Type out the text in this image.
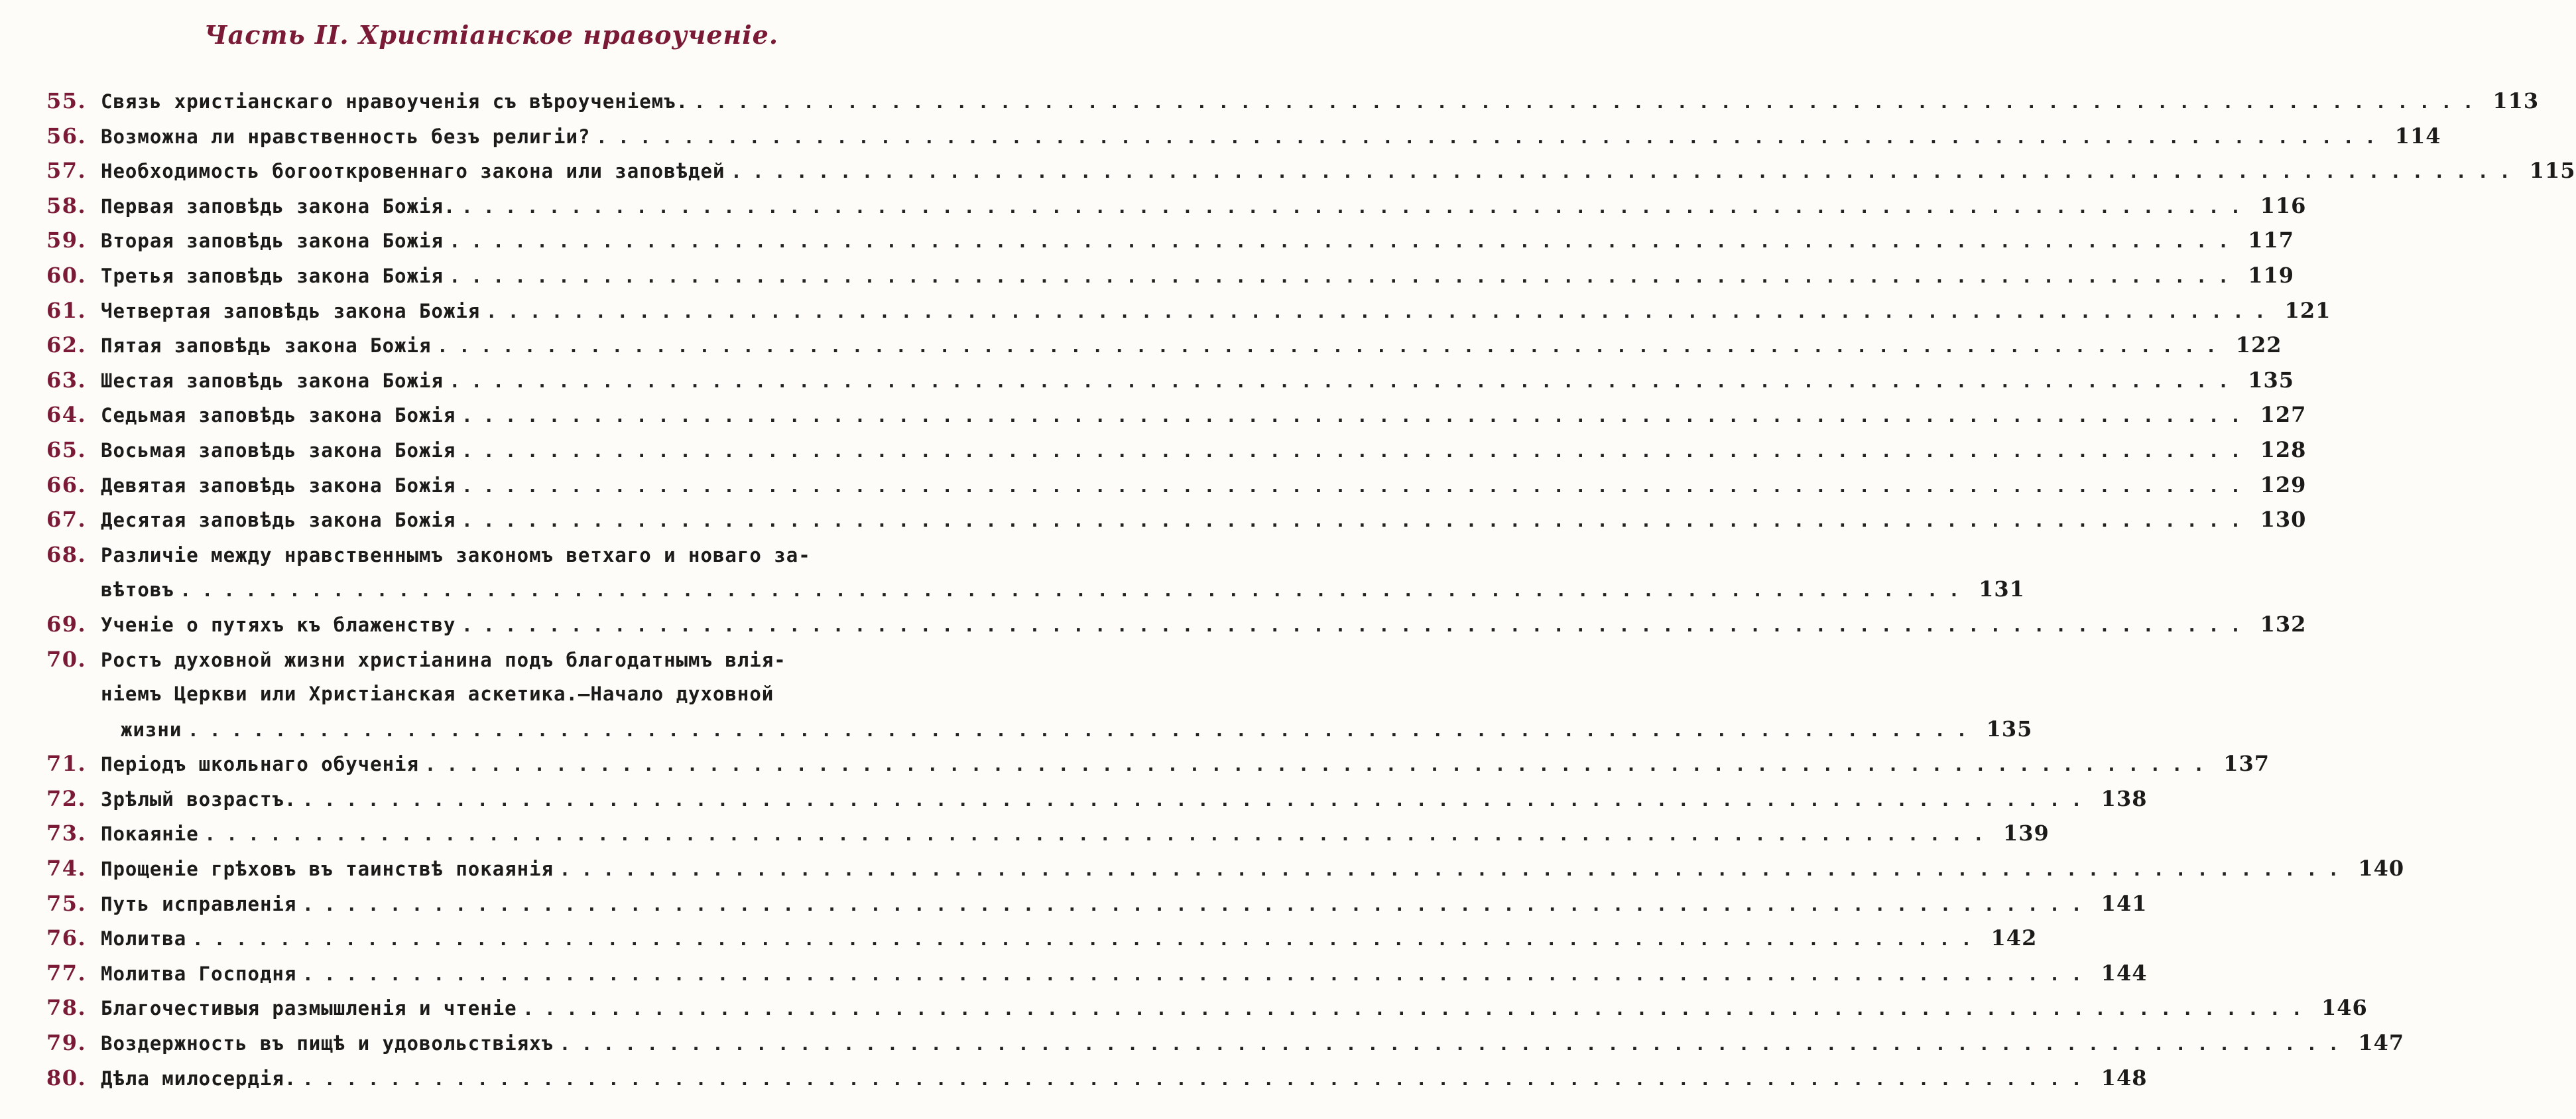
Часть II. Христіанское нравоученіе.
55. Связь христіанскаго нравоученія съ вѣроученіемъ. . . .	113
56. Возможна ли нравственность безъ религіи? . . .	114
57. Необходимость богооткровеннаго закона или заповѣдей . . .	115
58. Первая заповѣдь закона Божія. . . .	116
59. Вторая заповѣдь закона Божія . . .	117
60. Третья заповѣдь закона Божія . . .	119
61. Четвертая заповѣдь закона Божія . . .	121
62. Пятая заповѣдь закона Божія . . .	122
63. Шестая заповѣдь закона Божія . . .	135
64. Седьмая заповѣдь закона Божія . . .	127
65. Восьмая заповѣдь закона Божія . . .	128
66. Девятая заповѣдь закона Божія . . .	129
67. Десятая заповѣдь закона Божія . . .	130
68. Различіе между нравственнымъ закономъ ветхаго и новаго за-
вѣтовъ . . .	131
69. Ученіе о путяхъ къ блаженству . . .	132
70. Ростъ духовной жизни христіанина подъ благодатнымъ влія-
ніемъ Церкви или Христіанская аскетика.—Начало духовной
жизни . . .	135
71. Періодъ школьнаго обученія . . .	137
72. Зрѣлый возрастъ. . . .	138
73. Покаяніе . . .	139
74. Прощеніе грѣховъ въ таинствѣ покаянія . . .	140
75. Путь исправленія . . .	141
76. Молитва . . .	142
77. Молитва Господня . . .	144
78. Благочестивыя размышленія и чтеніе . . .	146
79. Воздержность въ пищѣ и удовольствіяхъ . . .	147
80. Дѣла милосердія. . . .	148
